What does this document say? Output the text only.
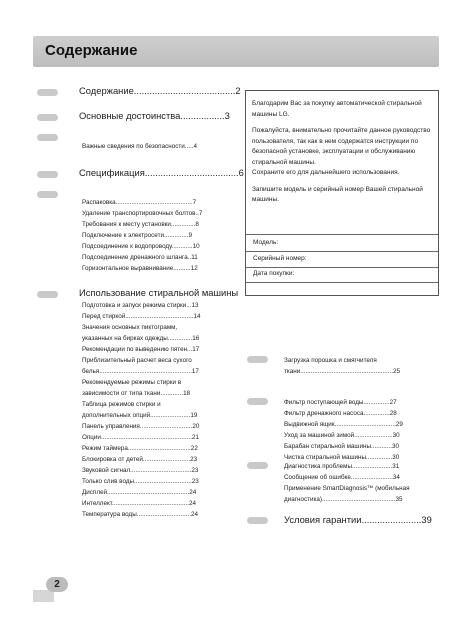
Содержание
Содержание.......................................2
Основные достоинства.................3
Важные сведения по безопасности.....4
Спецификация....................................6
Распаковка............................................7
Удаление транспортировочных болтов..7
Требования к месту установки..............8
Подключение к электросети..............9
Подсоединение к водопроводу............10
Подсоединение дренажного шланга..11
Горизонтальное выравнивание..........12
Использование стиральной машины
Подготовка и запуск режима стирки...13
Перед стиркой.......................................14
Значения основных пиктограмм,
указанных на бирках одежды..............16
Рекомендации по выведению пятен...17
Приблизительный расчет веса сухого
белья.....................................................17
Рекомендуемые режимы стирки в
зависимости от типа ткани.............18
Таблица режимов стирки и
дополнительных опций.......................19
Панель управления..............................20
Опции....................................................21
Режим таймера....................................22
Блокировка от детей...........................23
Звуковой сигнал...................................23
Только слив воды.................................23
Дисплей...............................................24
Интеллект............................................24
Температура воды...............................24

Благодарим Вас за покупку автоматической стиральной машины LG.

Пожалуйста, внимательно прочитайте данное руководство пользователя, так как в нем содержатся инструкции по безопасной установке, эксплуатации и обслуживанию стиральной машины.

Сохраните его для дальнейшего использования.

Запишите модель и серийный номер Вашей стиральной машины.

Модель:
Серийный номер:
Дата покупки:
Загрузка порошка и смягчителя
ткани.....................................................25
Фильтр поступающей воды...............27
Фильтр дренажного насоса...............28
Выдвижной ящик...................................29
Уход за машиной зимой......................30
Барабан стиральной машины............30
Чистка стиральной машины...............30
Диагностика проблемы.......................31
Сообщение об ошибке........................34
Применение SmartDiagnosis™ (мобильная
диагностика)..........................................35
Условия гарантии.......................39
2
